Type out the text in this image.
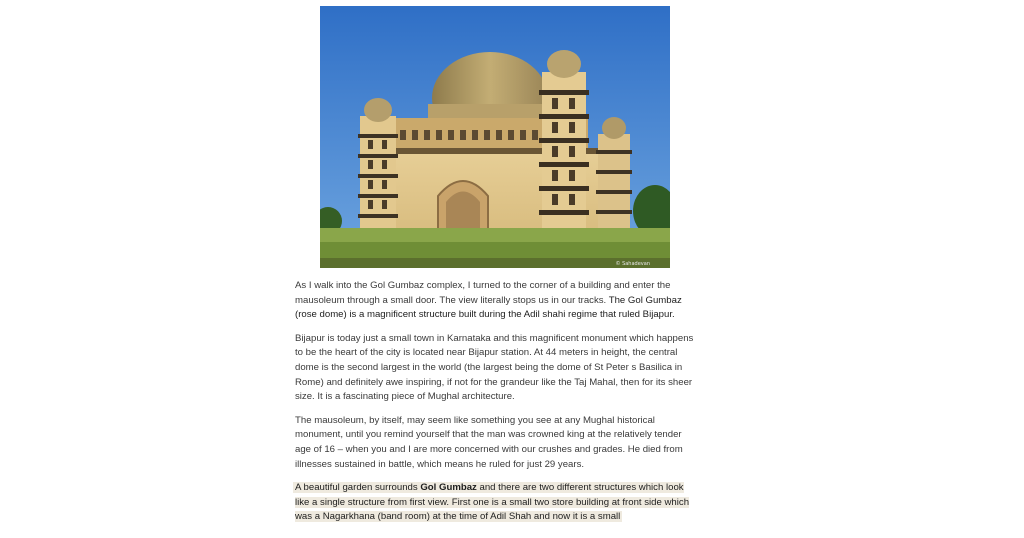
© Sahadevan

As I walk into the Gol Gumbaz complex, I turned to the corner of a building and enter the mausoleum through a small door. The view literally stops us in our tracks. The Gol Gumbaz (rose dome) is a magnificent structure built during the Adil shahi regime that ruled Bijapur.

Bijapur is today just a small town in Karnataka and this magnificent monument which happens to be the heart of the city is located near Bijapur station. At 44 meters in height, the central dome is the second largest in the world (the largest being the dome of St Peter s Basilica in Rome) and definitely awe inspiring, if not for the grandeur like the Taj Mahal, then for its sheer size. It is a fascinating piece of Mughal architecture.

The mausoleum, by itself, may seem like something you see at any Mughal historical monument, until you remind yourself that the man was crowned king at the relatively tender age of 16 – when you and I are more concerned with our crushes and grades. He died from illnesses sustained in battle, which means he ruled for just 29 years.

A beautiful garden surrounds Gol Gumbaz and there are two different structures which look like a single structure from first view. First one is a small two store building at front side which was a Nagarkhana (band room) at the time of Adil Shah and now it is a small
